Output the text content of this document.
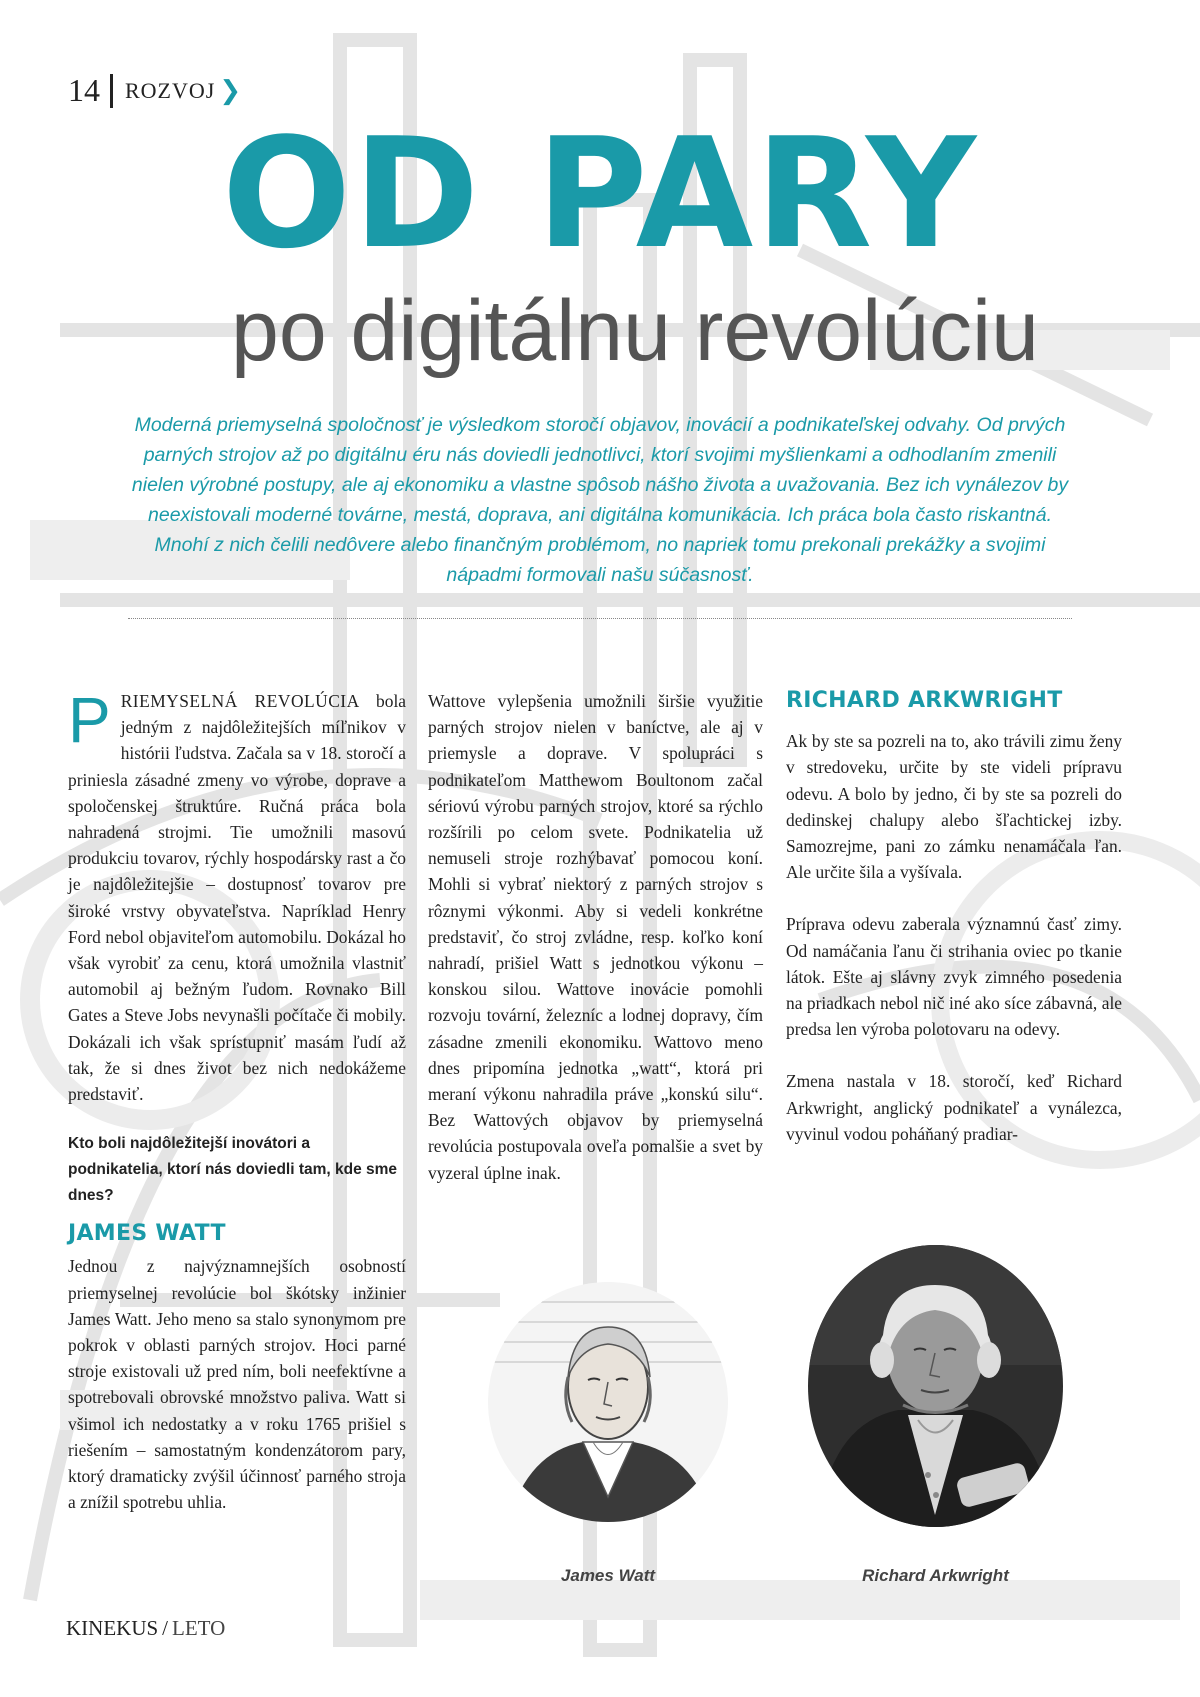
14 ROZVOJ ❯
OD PARY
po digitálnu revolúciu

Moderná priemyselná spoločnosť je výsledkom storočí objavov, inovácií a podnikateľskej odvahy. Od prvých parných strojov až po digitálnu éru nás doviedli jednotlivci, ktorí svojimi myšlienkami a odhodlaním zmenili nielen výrobné postupy, ale aj ekonomiku a vlastne spôsob nášho života a uvažovania. Bez ich vynálezov by neexistovali moderné továrne, mestá, doprava, ani digitálna komunikácia. Ich práca bola často riskantná. Mnohí z nich čelili nedôvere alebo finančným problémom, no napriek tomu prekonali prekážky a svojimi nápadmi formovali našu súčasnosť.

PRIEMYSELNÁ REVOLÚCIA bola jedným z najdôležitejších míľnikov v histórii ľudstva. Začala sa v 18. storočí a priniesla zásadné zmeny vo výrobe, doprave a spoločenskej štruktúre. Ručná práca bola nahradená strojmi. Tie umožnili masovú produkciu tovarov, rýchly hospodársky rast a čo je najdôležitejšie – dostupnosť tovarov pre široké vrstvy obyvateľstva. Napríklad Henry Ford nebol objaviteľom automobilu. Dokázal ho však vyrobiť za cenu, ktorá umožnila vlastniť automobil aj bežným ľudom. Rovnako Bill Gates a Steve Jobs nevynašli počítače či mobily. Dokázali ich však sprístupniť masám ľudí až tak, že si dnes život bez nich nedokážeme predstaviť.

Kto boli najdôležitejší inovátori a podnikatelia, ktorí nás doviedli tam, kde sme dnes?

JAMES WATT

Jednou z najvýznamnejších osobností priemyselnej revolúcie bol škótsky inžinier James Watt. Jeho meno sa stalo synonymom pre pokrok v oblasti parných strojov. Hoci parné stroje existovali už pred ním, boli neefektívne a spotrebovali obrovské množstvo paliva. Watt si všimol ich nedostatky a v roku 1765 prišiel s riešením – samostatným kondenzátorom pary, ktorý dramaticky zvýšil účinnosť parného stroja a znížil spotrebu uhlia.

Wattove vylepšenia umožnili širšie využitie parných strojov nielen v baníctve, ale aj v priemysle a doprave. V spolupráci s podnikateľom Matthewom Boultonom začal sériovú výrobu parných strojov, ktoré sa rýchlo rozšírili po celom svete. Podnikatelia už nemuseli stroje rozhýbavať pomocou koní. Mohli si vybrať niektorý z parných strojov s rôznymi výkonmi. Aby si vedeli konkrétne predstaviť, čo stroj zvládne, resp. koľko koní nahradí, prišiel Watt s jednotkou výkonu – konskou silou. Wattove inovácie pomohli rozvoju tovární, železníc a lodnej dopravy, čím zásadne zmenili ekonomiku. Wattovo meno dnes pripomína jednotka „watt“, ktorá pri meraní výkonu nahradila práve „konskú silu“. Bez Wattových objavov by priemyselná revolúcia postupovala oveľa pomalšie a svet by vyzeral úplne inak.

RICHARD ARKWRIGHT

Ak by ste sa pozreli na to, ako trávili zimu ženy v stredoveku, určite by ste videli prípravu odevu. A bolo by jedno, či by ste sa pozreli do dedinskej chalupy alebo šľachtickej izby. Samozrejme, pani zo zámku nenamáčala ľan. Ale určite šila a vyšívala.

Príprava odevu zaberala významnú časť zimy. Od namáčania ľanu či strihania oviec po tkanie látok. Ešte aj slávny zvyk zimného posedenia na priadkach nebol nič iné ako síce zábavná, ale predsa len výroba polotovaru na odevy.

Zmena nastala v 18. storočí, keď Richard Arkwright, anglický podnikateľ a vynálezca, vyvinul vodou poháňaný pradiar-

James Watt	Richard Arkwright
KINEKUS / LETO
